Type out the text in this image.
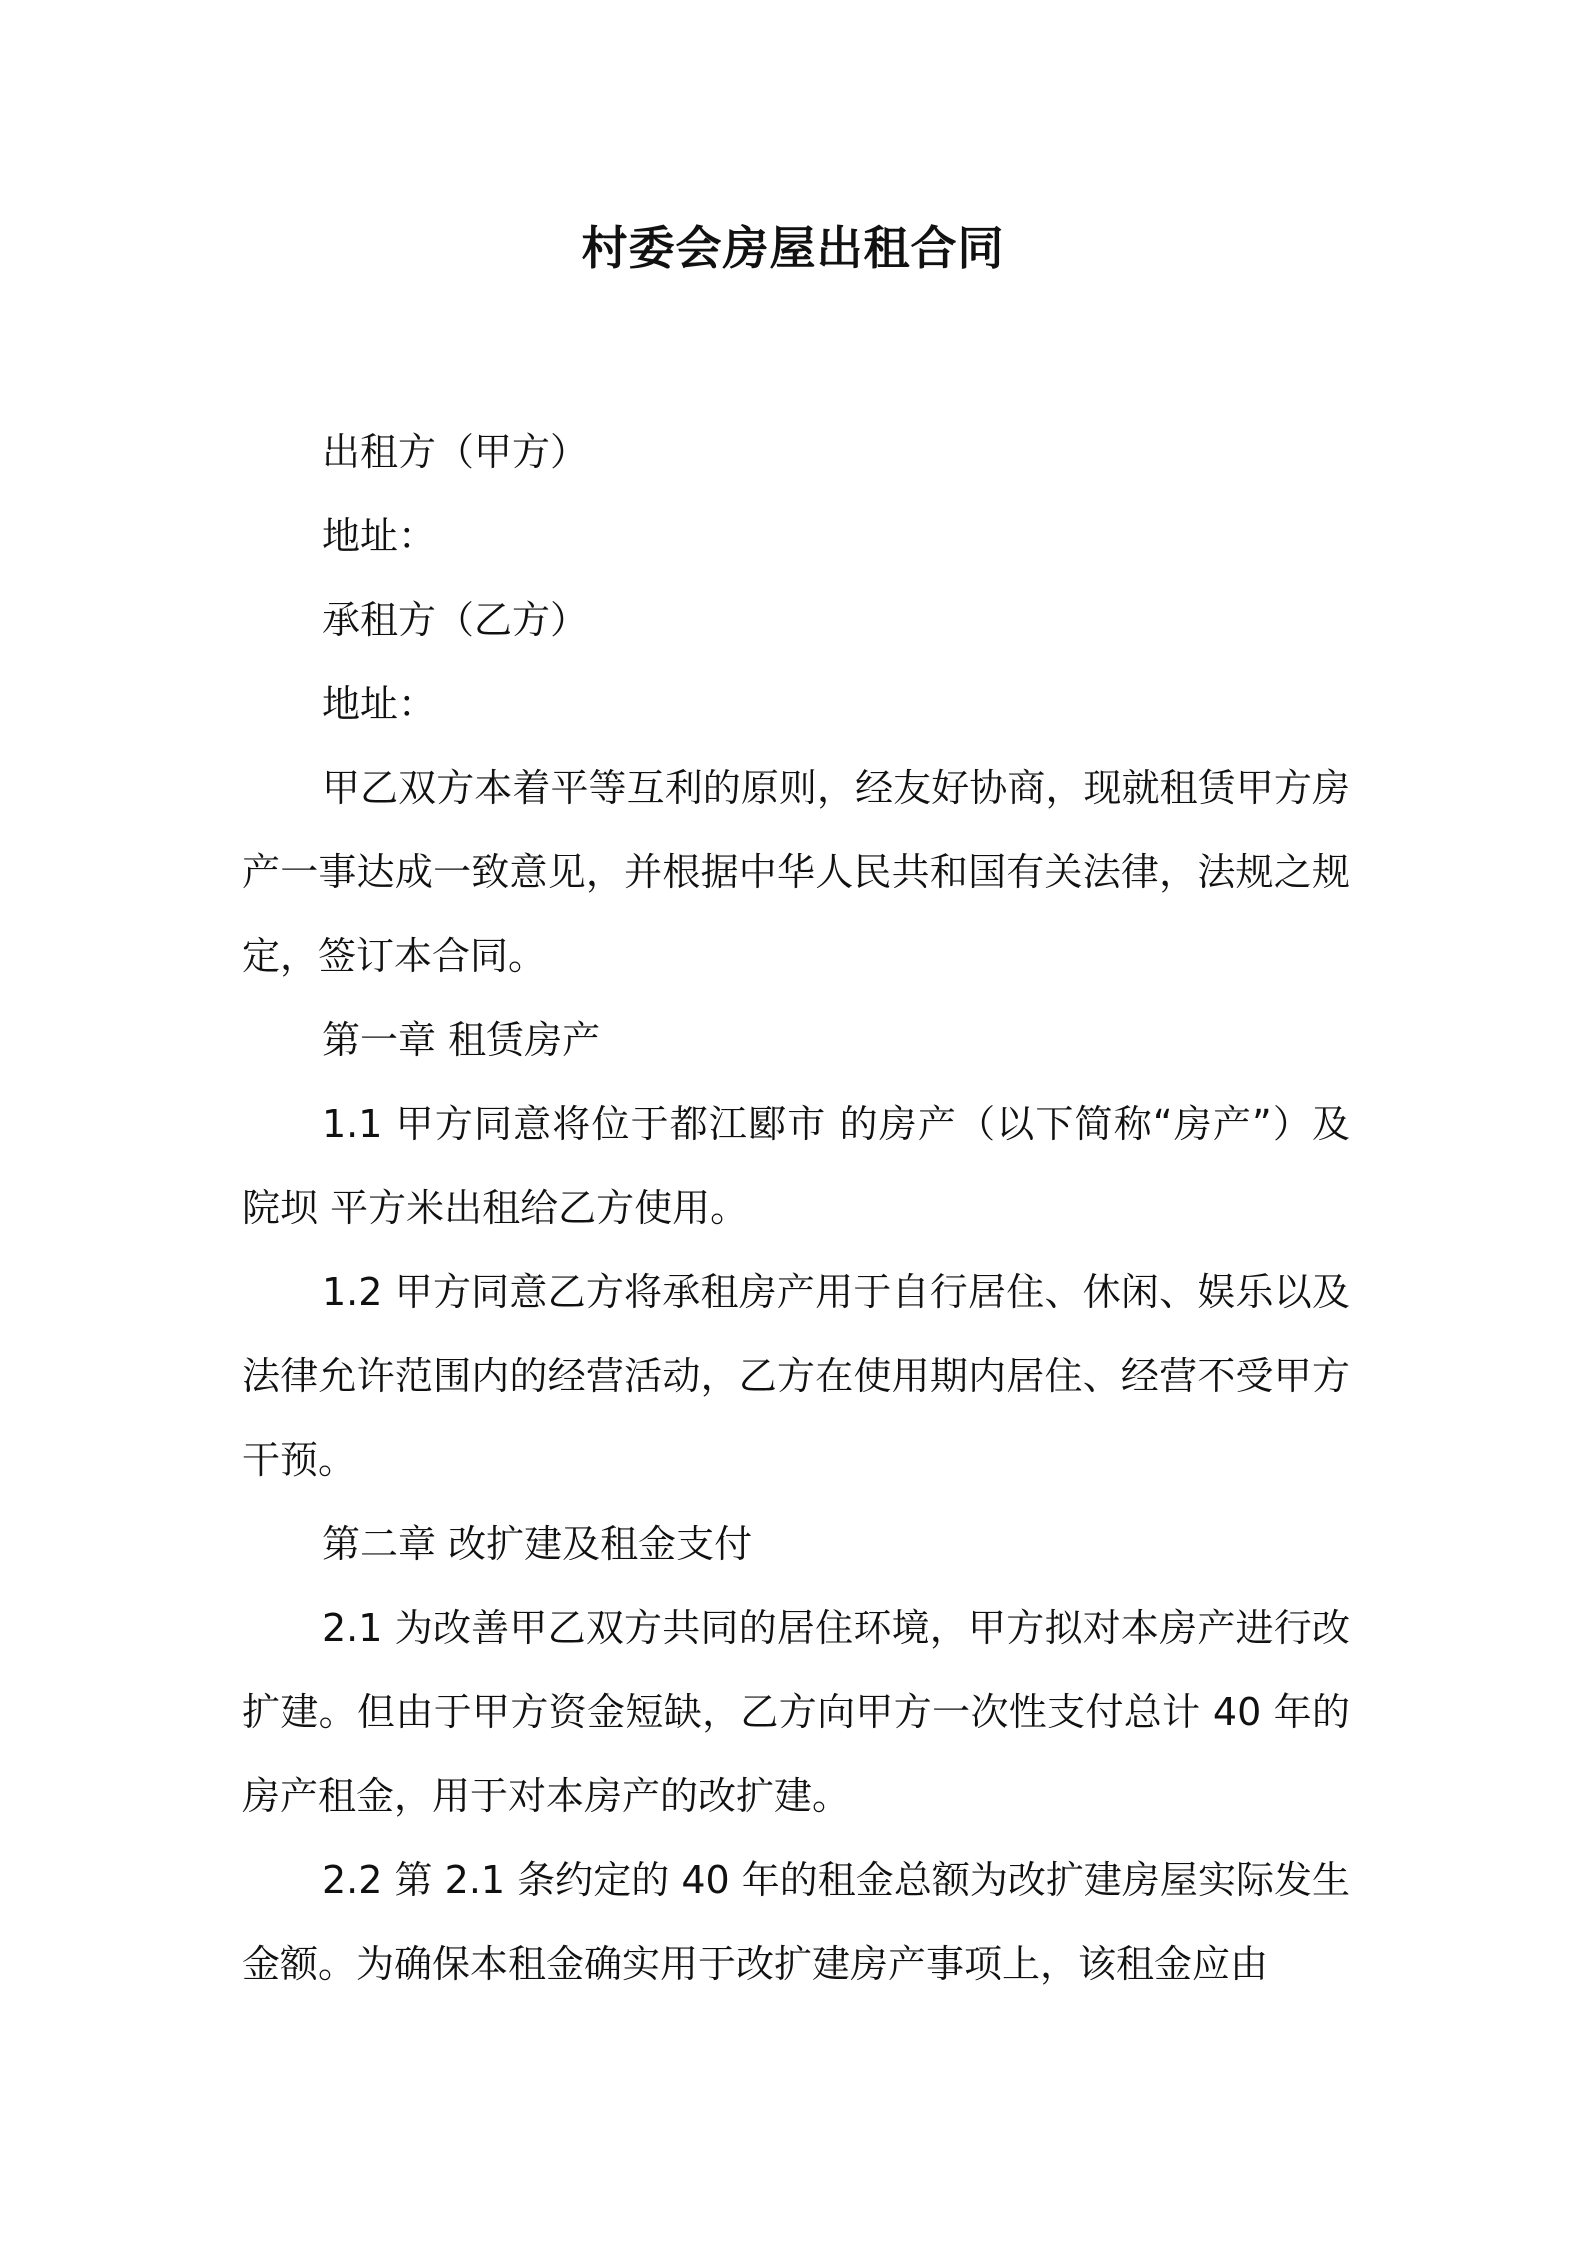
村委会房屋出租合同
出租方（甲方）
地址：
承租方（乙方）
地址：
甲乙双方本着平等互利的原则，经友好协商，现就租赁甲方房产一事达成一致意见，并根据中华人民共和国有关法律，法规之规定，签订本合同。
第一章 租赁房产
1.1 甲方同意将位于都江郾市 的房产（以下简称“房产”）及院坝 平方米出租给乙方使用。
1.2 甲方同意乙方将承租房产用于自行居住、休闲、娱乐以及法律允许范围内的经营活动，乙方在使用期内居住、经营不受甲方干预。
第二章 改扩建及租金支付
2.1 为改善甲乙双方共同的居住环境，甲方拟对本房产进行改扩建。但由于甲方资金短缺，乙方向甲方一次性支付总计 40 年的房产租金，用于对本房产的改扩建。
2.2 第 2.1 条约定的 40 年的租金总额为改扩建房屋实际发生金额。为确保本租金确实用于改扩建房产事项上，该租金应由
